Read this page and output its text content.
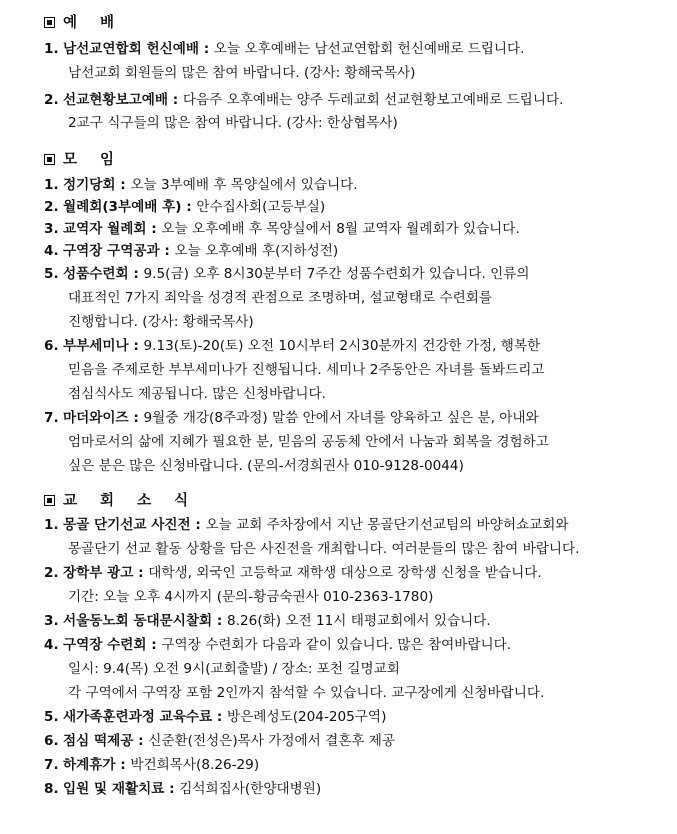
예 배
1. 남선교연합회 헌신예배 : 오늘 오후예배는 남선교연합회 헌신예배로 드립니다.
남선교회 회원들의 많은 참여 바랍니다. (강사: 황해국목사)
2. 선교현황보고예배 : 다음주 오후예배는 양주 두레교회 선교현황보고예배로 드립니다.
2교구 식구들의 많은 참여 바랍니다. (강사: 한상협목사)
모 임
1. 정기당회 : 오늘 3부예배 후 목양실에서 있습니다.
2. 월례회(3부예배 후) : 안수집사회(고등부실)
3. 교역자 월례회 : 오늘 오후예배 후 목양실에서 8월 교역자 월례회가 있습니다.
4. 구역장 구역공과 : 오늘 오후예배 후(지하성전)
5. 성품수련회 : 9.5(금) 오후 8시30분부터 7주간 성품수련회가 있습니다. 인류의
대표적인 7가지 죄악을 성경적 관점으로 조명하며, 설교형태로 수련회를
진행합니다. (강사: 황해국목사)
6. 부부세미나 : 9.13(토)-20(토) 오전 10시부터 2시30분까지 건강한 가정, 행복한
믿음을 주제로한 부부세미나가 진행됩니다. 세미나 2주동안은 자녀를 돌봐드리고
점심식사도 제공됩니다. 많은 신청바랍니다.
7. 마더와이즈 : 9월중 개강(8주과정) 말씀 안에서 자녀를 양육하고 싶은 분, 아내와
엄마로서의 삶에 지혜가 필요한 분, 믿음의 공동체 안에서 나눔과 회복을 경험하고
싶은 분은 많은 신청바랍니다. (문의-서경희권사 010-9128-0044)
교 회 소 식
1. 몽골 단기선교 사진전 : 오늘 교회 주차장에서 지난 몽골단기선교팀의 바양허쇼교회와
몽골단기 선교 활동 상황을 담은 사진전을 개최합니다. 여러분들의 많은 참여 바랍니다.
2. 장학부 광고 : 대학생, 외국인 고등학교 재학생 대상으로 장학생 신청을 받습니다.
기간: 오늘 오후 4시까지 (문의-황금숙권사 010-2363-1780)
3. 서울동노회 동대문시찰회 : 8.26(화) 오전 11시 태평교회에서 있습니다.
4. 구역장 수련회 : 구역장 수련회가 다음과 같이 있습니다. 많은 참여바랍니다.
일시: 9.4(목) 오전 9시(교회출발) / 장소: 포천 길명교회
각 구역에서 구역장 포함 2인까지 참석할 수 있습니다. 교구장에게 신청바랍니다.
5. 새가족훈련과정 교육수료 : 방은례성도(204-205구역)
6. 점심 떡제공 : 신준환(전성은)목사 가정에서 결혼후 제공
7. 하계휴가 : 박건희목사(8.26-29)
8. 입원 및 재활치료 : 김석희집사(한양대병원)
